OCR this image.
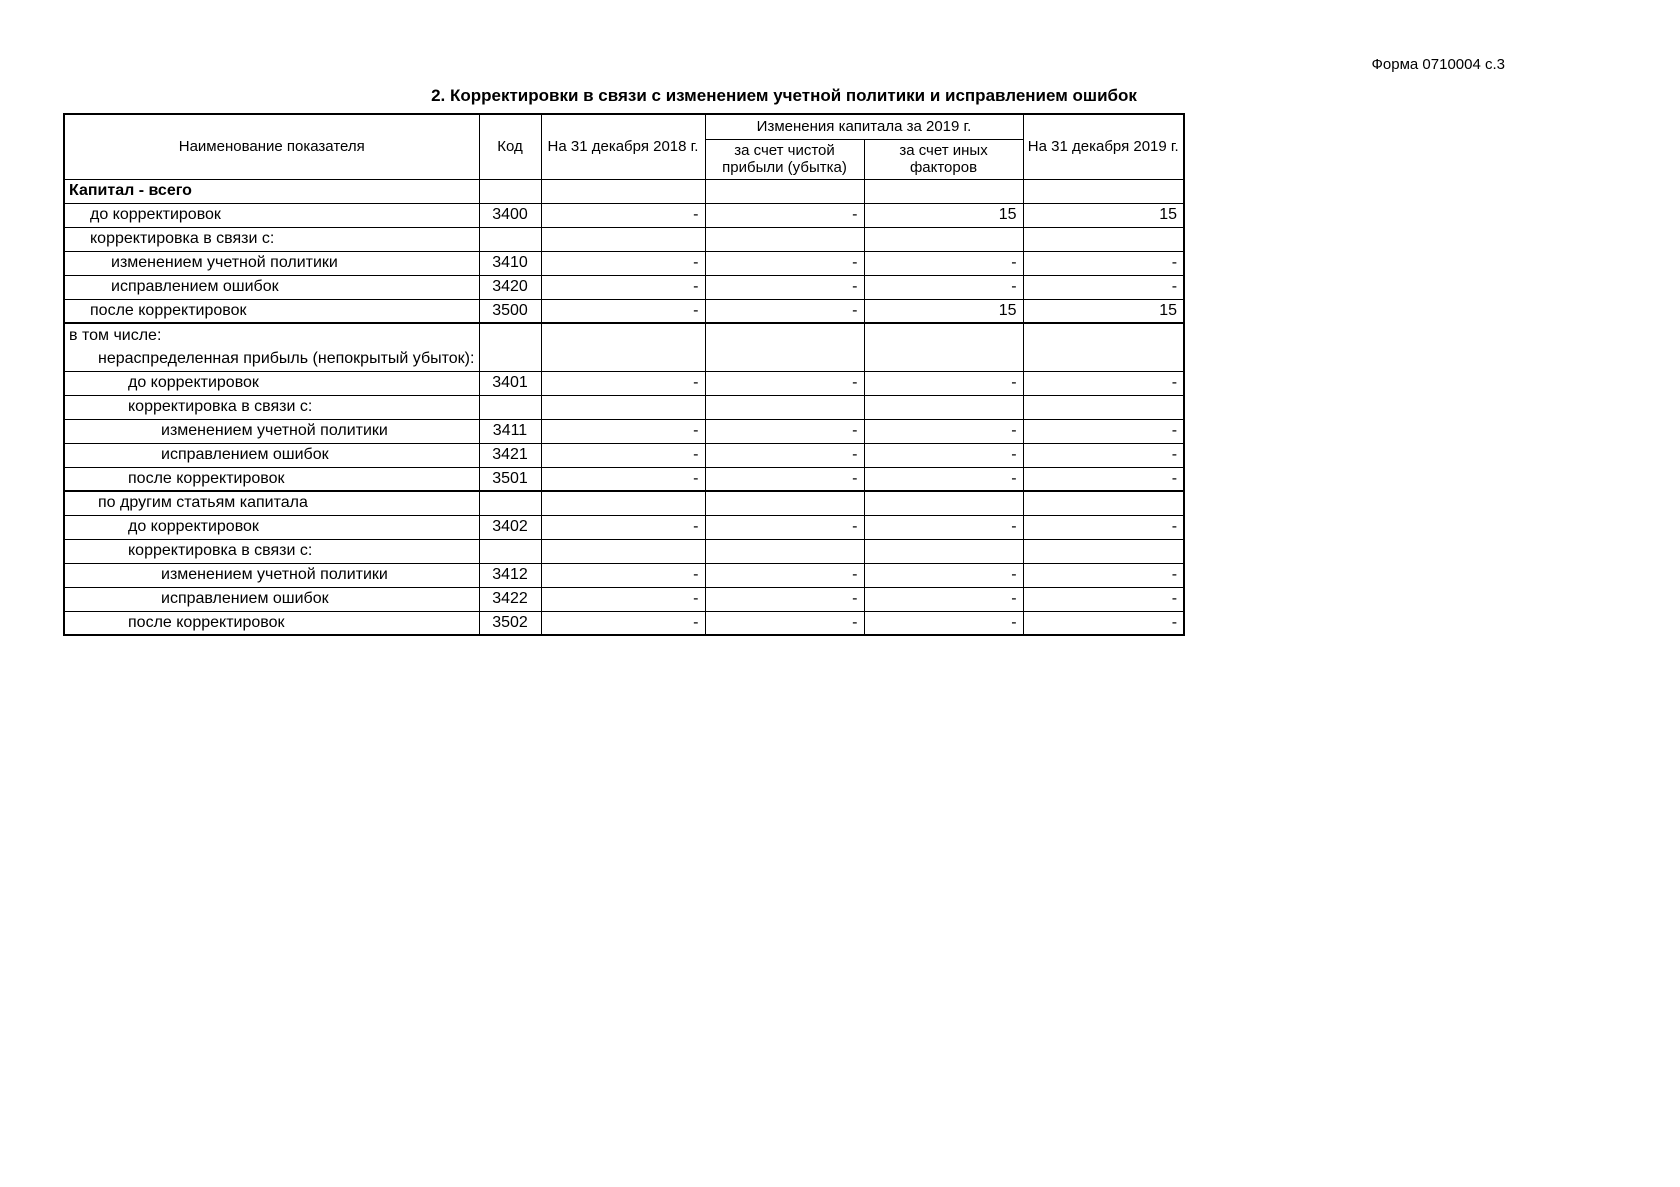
Форма 0710004 с.3
2. Корректировки в связи с изменением учетной политики и исправлением ошибок
Наименование показателя	Код	На 31 декабря 2018 г.	Изменения капитала за 2019 г.		На 31 декабря 2019 г.
			за счет чистой прибыли (убытка)	за счет иных факторов	
Капитал - всего					
до корректировок	3400	-	-	15	15
корректировка в связи с:					
изменением учетной политики	3410	-	-	-	-
исправлением ошибок	3420	-	-	-	-
после корректировок	3500	-	-	15	15
в том числе:					
нераспределенная прибыль (непокрытый убыток):					
до корректировок	3401	-	-	-	-
корректировка в связи с:					
изменением учетной политики	3411	-	-	-	-
исправлением ошибок	3421	-	-	-	-
после корректировок	3501	-	-	-	-
по другим статьям капитала					
до корректировок	3402	-	-	-	-
корректировка в связи с:					
изменением учетной политики	3412	-	-	-	-
исправлением ошибок	3422	-	-	-	-
после корректировок	3502	-	-	-	-
